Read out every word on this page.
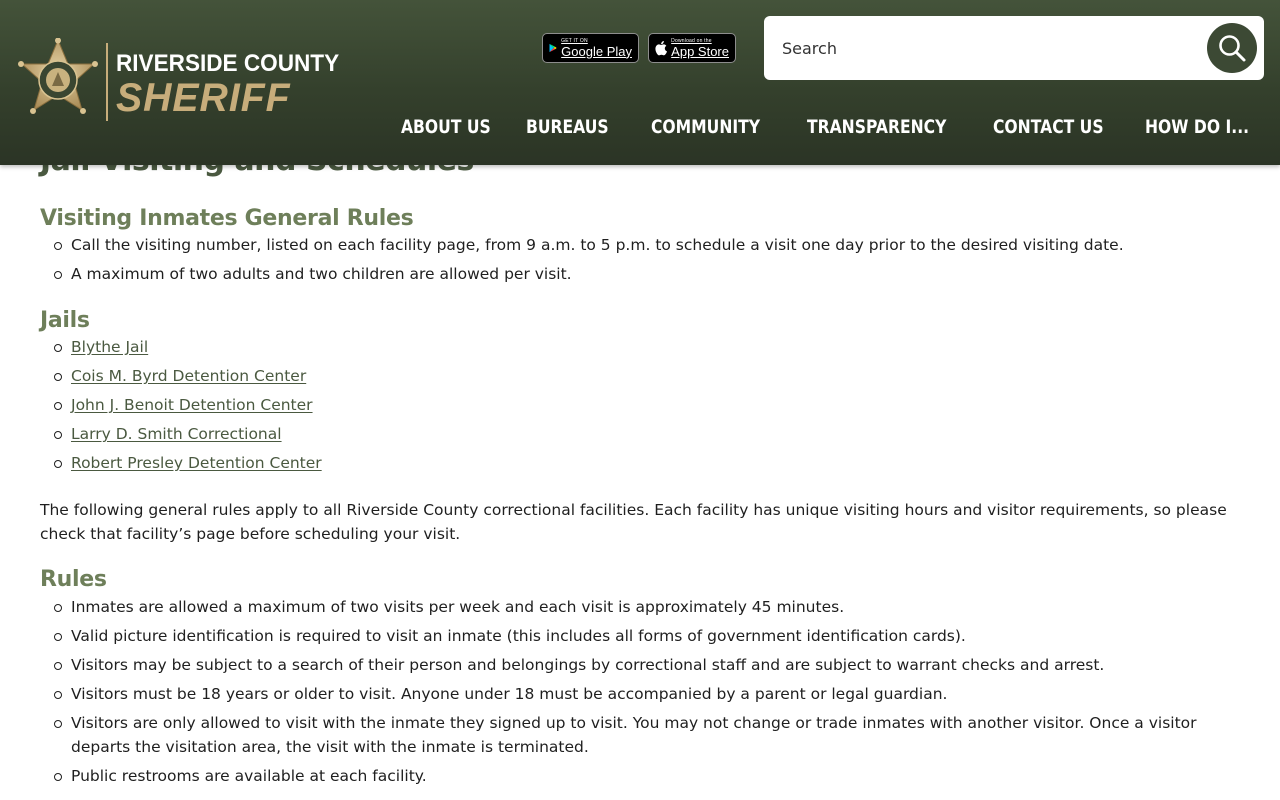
Visiting Inmates General Rules
Call the visiting number, listed on each facility page, from 9 a.m. to 5 p.m. to schedule a visit one day prior to the desired visiting date.
A maximum of two adults and two children are allowed per visit.
Jails
Blythe Jail
Cois M. Byrd Detention Center
John J. Benoit Detention Center
Larry D. Smith Correctional
Robert Presley Detention Center

The following general rules apply to all Riverside County correctional facilities. Each facility has unique visiting hours and visitor requirements, so please check that facility’s page before scheduling your visit.

Rules
Inmates are allowed a maximum of two visits per week and each visit is approximately 45 minutes.
Valid picture identification is required to visit an inmate (this includes all forms of government identification cards).
Visitors may be subject to a search of their person and belongings by correctional staff and are subject to warrant checks and arrest.
Visitors must be 18 years or older to visit. Anyone under 18 must be accompanied by a parent or legal guardian.
Visitors are only allowed to visit with the inmate they signed up to visit. You may not change or trade inmates with another visitor. Once a visitor departs the visitation area, the visit with the inmate is terminated.
Public restrooms are available at each facility.
RIVERSIDE COUNTY
SHERIFF
GET IT ON
Google Play
Download on the
App Store
Search
ABOUT US BUREAUS COMMUNITY TRANSPARENCY CONTACT US HOW DO I...
